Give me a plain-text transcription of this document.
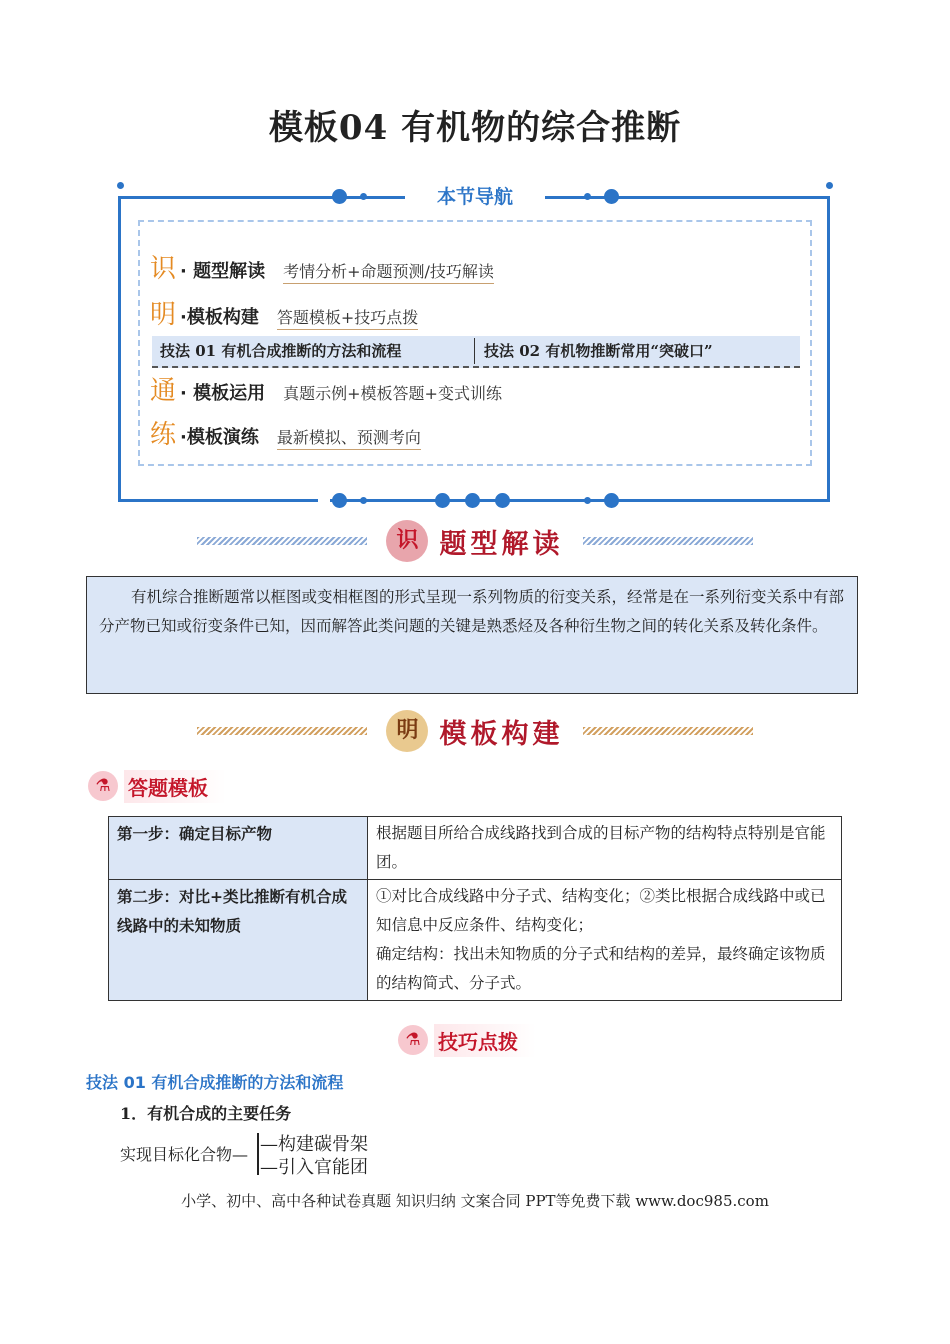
模板04 有机物的综合推断
本节导航
识 · 题型解读 考情分析+命题预测/技巧解读
明 ·模板构建 答题模板+技巧点拨
技法 01 有机合成推断的方法和流程	技法 02 有机物推断常用“突破口”
通 · 模板运用 真题示例+模板答题+变式训练
练 ·模板演练 最新模拟、预测考向
识 题型解读
有机综合推断题常以框图或变相框图的形式呈现一系列物质的衍变关系，经常是在一系列衍变关系中有部分产物已知或衍变条件已知，因而解答此类问题的关键是熟悉烃及各种衍生物之间的转化关系及转化条件。
明 模板构建
⚗ 答题模板
第一步：确定目标产物	根据题目所给合成线路找到合成的目标产物的结构特点特别是官能团。
第二步：对比+类比推断有机合成线路中的未知物质	①对比合成线路中分子式、结构变化；②类比根据合成线路中或已知信息中反应条件、结构变化；
确定结构：找出未知物质的分子式和结构的差异，最终确定该物质的结构简式、分子式。
⚗ 技巧点拨
技法 01 有机合成推断的方法和流程
1．有机合成的主要任务
实现目标化合物— —构建碳骨架
—引入官能团
小学、初中、高中各种试卷真题 知识归纳 文案合同 PPT等免费下载 www.doc985.com
